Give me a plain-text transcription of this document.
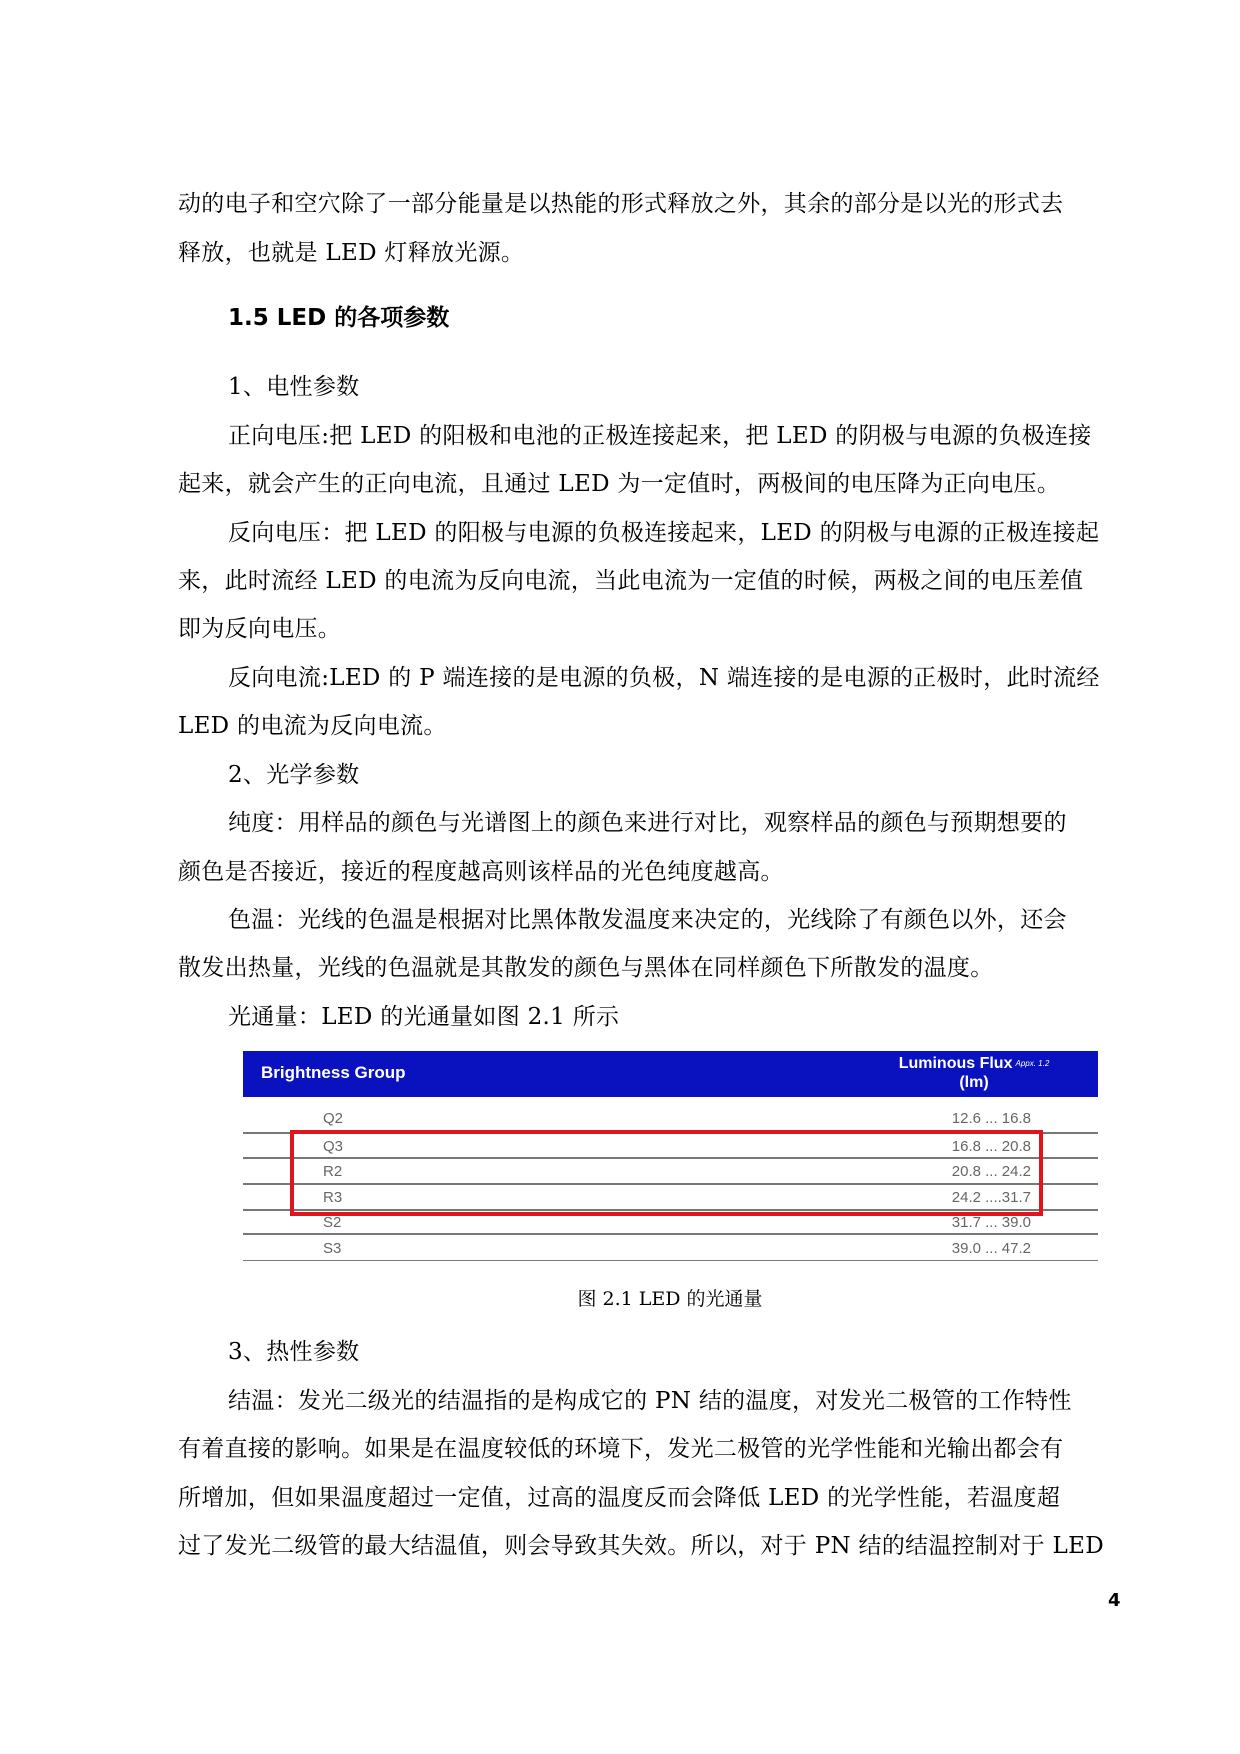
动的电子和空穴除了一部分能量是以热能的形式释放之外，其余的部分是以光的形式去
释放，也就是 LED 灯释放光源。
1.5 LED 的各项参数
1、电性参数
正向电压:把 LED 的阳极和电池的正极连接起来，把 LED 的阴极与电源的负极连接
起来，就会产生的正向电流，且通过 LED 为一定值时，两极间的电压降为正向电压。
反向电压：把 LED 的阳极与电源的负极连接起来，LED 的阴极与电源的正极连接起
来，此时流经 LED 的电流为反向电流，当此电流为一定值的时候，两极之间的电压差值
即为反向电压。
反向电流:LED 的 P 端连接的是电源的负极，N 端连接的是电源的正极时，此时流经
LED 的电流为反向电流。
2、光学参数
纯度：用样品的颜色与光谱图上的颜色来进行对比，观察样品的颜色与预期想要的
颜色是否接近，接近的程度越高则该样品的光色纯度越高。
色温：光线的色温是根据对比黑体散发温度来决定的，光线除了有颜色以外，还会
散发出热量，光线的色温就是其散发的颜色与黑体在同样颜色下所散发的温度。
光通量：LED 的光通量如图 2.1 所示
Brightness Group	Luminous Flux $^{Appx. 1.2}$
(lm)
Q2	12.6 ... 16.8
Q3	16.8 ... 20.8
R2	20.8 ... 24.2
R3	24.2 ....31.7
S2	31.7 ... 39.0
S3	39.0 ... 47.2
图 2.1 LED 的光通量
3、热性参数
结温：发光二级光的结温指的是构成它的 PN 结的温度，对发光二极管的工作特性
有着直接的影响。如果是在温度较低的环境下，发光二极管的光学性能和光输出都会有
所增加，但如果温度超过一定值，过高的温度反而会降低 LED 的光学性能，若温度超
过了发光二级管的最大结温值，则会导致其失效。所以，对于 PN 结的结温控制对于 LED
4
